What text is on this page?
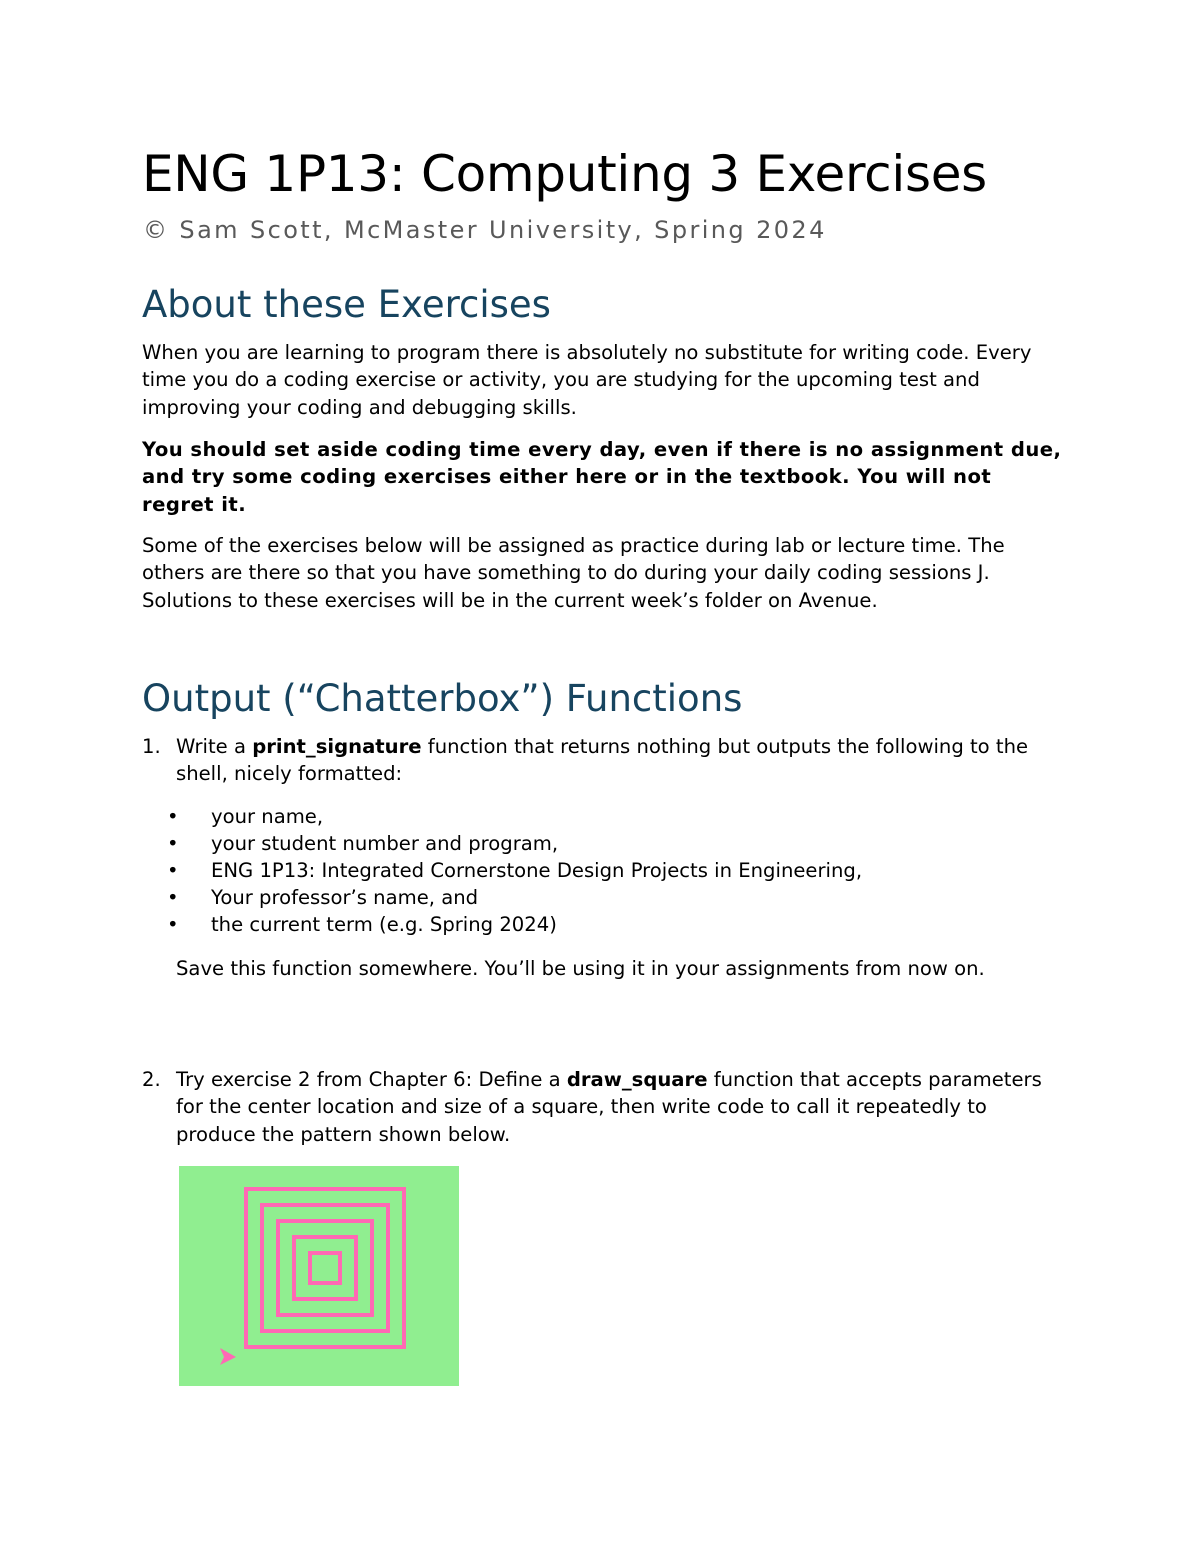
ENG 1P13: Computing 3 Exercises

© Sam Scott, McMaster University, Spring 2024

About these Exercises

When you are learning to program there is absolutely no substitute for writing code. Every time you do a coding exercise or activity, you are studying for the upcoming test and improving your coding and debugging skills.

You should set aside coding time every day, even if there is no assignment due, and try some coding exercises either here or in the textbook. You will not regret it.

Some of the exercises below will be assigned as practice during lab or lecture time. The others are there so that you have something to do during your daily coding sessions J. Solutions to these exercises will be in the current week’s folder on Avenue.

Output (“Chatterbox”) Functions
1. Write a print_signature function that returns nothing but outputs the following to the shell, nicely formatted:
• your name,
• your student number and program,
• ENG 1P13: Integrated Cornerstone Design Projects in Engineering,
• Your professor’s name, and
• the current term (e.g. Spring 2024)

Save this function somewhere. You’ll be using it in your assignments from now on.

2. Try exercise 2 from Chapter 6: Define a draw_square function that accepts parameters for the center location and size of a square, then write code to call it repeatedly to produce the pattern shown below.
